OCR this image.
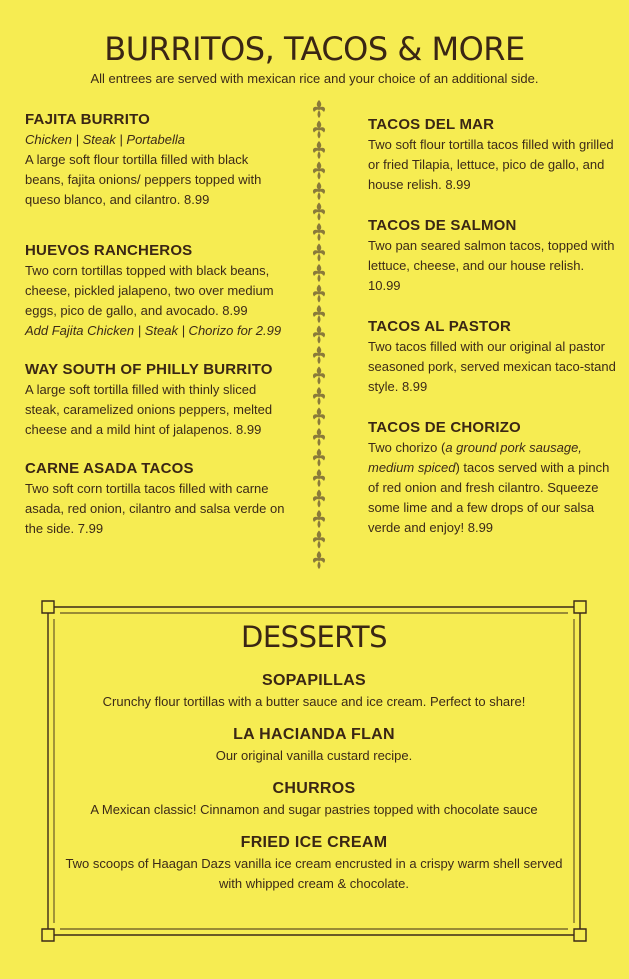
BURRITOS, TACOS & MORE
All entrees are served with mexican rice and your choice of an additional side.
FAJITA BURRITO

Chicken | Steak | Portabella

A large soft flour tortilla filled with black beans, fajita onions/ peppers topped with queso blanco, and cilantro. 8.99

HUEVOS RANCHEROS

Two corn tortillas topped with black beans, cheese, pickled jalapeno, two over medium eggs, pico de gallo, and avocado. 8.99

Add Fajita Chicken | Steak | Chorizo for 2.99

WAY SOUTH OF PHILLY BURRITO

A large soft tortilla filled with thinly sliced steak, caramelized onions peppers, melted cheese and a mild hint of jalapenos. 8.99

CARNE ASADA TACOS

Two soft corn tortilla tacos filled with carne asada, red onion, cilantro and salsa verde on the side. 7.99

TACOS DEL MAR

Two soft flour tortilla tacos filled with grilled or fried Tilapia, lettuce, pico de gallo, and house relish. 8.99

TACOS DE SALMON

Two pan seared salmon tacos, topped with lettuce, cheese, and our house relish. 10.99

TACOS AL PASTOR

Two tacos filled with our original al pastor seasoned pork, served mexican taco-stand style. 8.99

TACOS DE CHORIZO

Two chorizo (a ground pork sausage, medium spiced) tacos served with a pinch of red onion and fresh cilantro. Squeeze some lime and a few drops of our salsa verde and enjoy! 8.99

DESSERTS
SOPAPILLAS

Crunchy flour tortillas with a butter sauce and ice cream. Perfect to share!

LA HACIANDA FLAN

Our original vanilla custard recipe.

CHURROS

A Mexican classic! Cinnamon and sugar pastries topped with chocolate sauce

FRIED ICE CREAM

Two scoops of Haagan Dazs vanilla ice cream encrusted in a crispy warm shell served with whipped cream & chocolate.
